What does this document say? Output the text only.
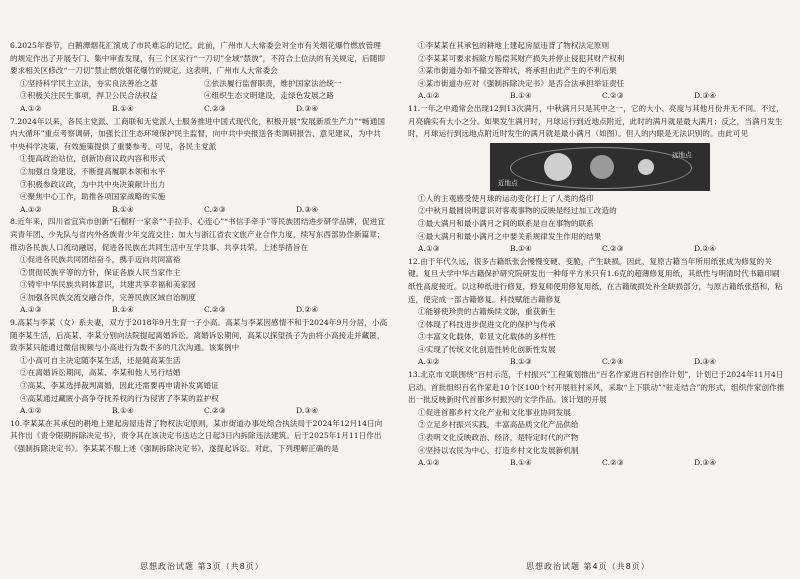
6.2025年春节，白鹅潭烟花汇演成了市民难忘的记忆。此前，广州市人大常委会对全市有关烟花爆竹燃放管理的规定作出了开展专门、集中审查发现，有三个区实行“一刀切”全域“禁放”，不符合上位法的有关规定，后随即要求相关区修改“一刀切”禁止燃放烟花爆竹的规定。这表明，广州市人大常委会

①坚持科学民主立法，夯实良法善治之基	②依法履行监督职责，维护国家法治统一
③积极关注民生事项，捍卫公民合法权益	④组织生态文明建设，走绿色发展之路
A.①②	B.①④	C.②③	D.③④

7.2024年以来，各民主党派、工商联和无党派人士服务推进中国式现代化，积极开展“发展新质生产力”“畅通国内大循环”重点考察调研，加强长江生态环境保护民主监督，向中共中央报送各类调研报告、意见建议，为中共中央科学决策、有效施策提供了重要参考。可见，各民主党派

①提高政治站位，创新协商议政内容和形式
②加强自身建设，不断提高履职本领和水平
③积极参政议政，为中共中央决策献计出力
④聚焦中心工作，助推各项国家战略的实施
A.①②	B.①④	C.②③	D.③④

8.近年来，四川省宜宾市创新“石榴籽一家亲”“手拉手、心连心”“书信手牵手”等民族团结进步研学品牌，促进宜宾青年团、少先队与省内外各族青少年交流交往；加大与浙江省农文旅产业合作力度，续写东西部协作新篇章；推动各民族人口流动融居，促进各民族在共同生活中互学共事、共享共荣。上述举措旨在

①促进各民族共同团结奋斗，携手迈向共同富裕
②贯彻民族平等的方针，保证各族人民当家作主
③铸牢中华民族共同体意识，共建共享幸福和美家园
④加强各民族交流交融合作，完善民族区域自治制度
A.①③	B.①④	C.②③	D.②④

9.高某与李某（女）系夫妻，双方于2018年9月生育一子小高。高某与李某因感情不和于2024年9月分居，小高随李某生活，后高某、李某分别向法院提起离婚诉讼。离婚诉讼期间，高某以探望孩子为由将小高接走并藏匿，致李某只能通过微信视频与小高进行为数不多的几次沟通。该案例中

①小高可自主决定随李某生活，还是随高某生活
②在离婚诉讼期间，高某、李某和他人另行结婚
③高某、李某选择裁判离婚，因此还需要再申请补发离婚证
④高某通过藏匿小高争夺抚养权的行为侵害了李某的监护权
A.①②	B.①④	C.②③	D.③④

10.李某某在其承包的耕地上建起房屋违背了物权法定原则，某市街道办事处综合执法局于2024年12月14日向其作出《责令限期拆除决定书》，责令其在该决定书送达之日起3日内拆除违法建筑。后于2025年1月11日作出《强制拆除决定书》。李某某不服上述《强制拆除决定书》，遂提起诉讼。对此，下列理解正确的是

①李某某在其承包的耕地上建起房屋违背了物权法定原则
②李某某可要求拆除方赔偿其财产损失并停止侵犯其财产权利
③某市街道办如不撤交答辩状，将承担由此产生的不利后果
④某市街道办应对《强制拆除决定书》是否合法承担举证责任
A.①②	B.①④	C.②③	D.③④

11.一年之中通常会出现12到13次满月，中秋满月只是其中之一，它的大小、亮度与其他月份并无不同。不过，月亮确实有大小之分。如果发生满月时，月球运行到近地点附近，此时的满月就是最大满月；反之，当满月发生时，月球运行到远地点附近时发生的满月就是最小满月（如图）。但人的内眼是无法识别的。由此可见

近地点
远地点
①人的主观感受使月球的运动变化打上了人类的烙印
②中秋月最圆说明意识对客观事物的反映是经过加工改造的
③最大满月和最小满月之间的联系是自在事物的联系
④最大满月和最小满月之中要关系规律发生作用的结果
A.①③	B.①④	C.②③	D.②④

12.由于年代久远，很多古籍纸张会慢慢变硬、变脆，产生缺损。因此，复原古籍当年所用纸张成为修复的关键。复旦大学中华古籍保护研究院研发出一种每平方米只有1.6克的超薄修复用纸，其纸性与明清时代书籍印刷纸性高度接近。以这种纸进行修复，修复师使用修复用纸，在古籍破损处补全缺损部分，与原古籍纸张搭和，粘连，使完成一部古籍修复。科技赋能古籍修复

①能够使珍贵的古籍焕续文脉，重获新生
②体现了科技进步促进文化的保护与传承
③丰富文化载体，彰显文化载体的多样性
④实现了传统文化创造性转化创新性发展
A.①②	B.①③	C.②④	D.③④

13.北京市文联围绕“百村示范，千村振兴”工程策划推出“百名作家进百村创作计划”，计划已于2024年11月4日启动。首批组织百名作家赴10个区100个村开展驻村采风，采取“上下联动”“驻走结合”的形式，组织作家创作推出一批反映新时代首都乡村振兴的文学作品。该计划的开展

①促进首都乡村文化产业和文化事业协同发展
②立足乡村振兴实践，丰富高品质文化产品供给
③表明文化反映政治、经济，是特定时代的产物
④坚持以农民为中心，打造乡村文化发展新机制
A.①②	B.①④	C.②③	D.③④
思想政治试题 第3页（共8页）	思想政治试题 第4页（共8页）
